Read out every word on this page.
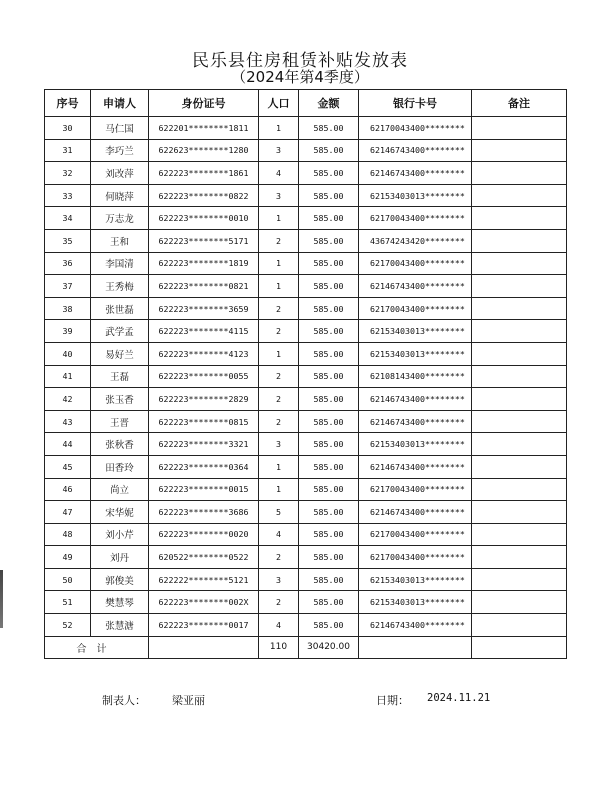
民乐县住房租赁补贴发放表
（2024年第4季度）
序号	申请人	身份证号	人口	金额	银行卡号	备注
30	马仁国	622201********1811	1	585.00	62170043400********	
31	李巧兰	622623********1280	3	585.00	62146743400********	
32	刘改萍	622223********1861	4	585.00	62146743400********	
33	何晓萍	622223********0822	3	585.00	62153403013********	
34	万志龙	622223********0010	1	585.00	62170043400********	
35	王和	622223********5171	2	585.00	43674243420********	
36	李国清	622223********1819	1	585.00	62170043400********	
37	王秀梅	622223********0821	1	585.00	62146743400********	
38	张世磊	622223********3659	2	585.00	62170043400********	
39	武学孟	622223********4115	2	585.00	62153403013********	
40	易好兰	622223********4123	1	585.00	62153403013********	
41	王磊	622223********0055	2	585.00	62108143400********	
42	张玉香	622223********2829	2	585.00	62146743400********	
43	王晋	622223********0815	2	585.00	62146743400********	
44	张秋香	622223********3321	3	585.00	62153403013********	
45	田香玲	622223********0364	1	585.00	62146743400********	
46	尚立	622223********0015	1	585.00	62170043400********	
47	宋华妮	622223********3686	5	585.00	62146743400********	
48	刘小芹	622223********0020	4	585.00	62170043400********	
49	刘丹	620522********0522	2	585.00	62170043400********	
50	郭俊美	622222********5121	3	585.00	62153403013********	
51	樊慧琴	622223********002X	2	585.00	62153403013********	
52	张慧溏	622223********0017	4	585.00	62146743400********	
合计			110	30420.00		
制表人： 梁亚丽	日期： 2024.11.21
